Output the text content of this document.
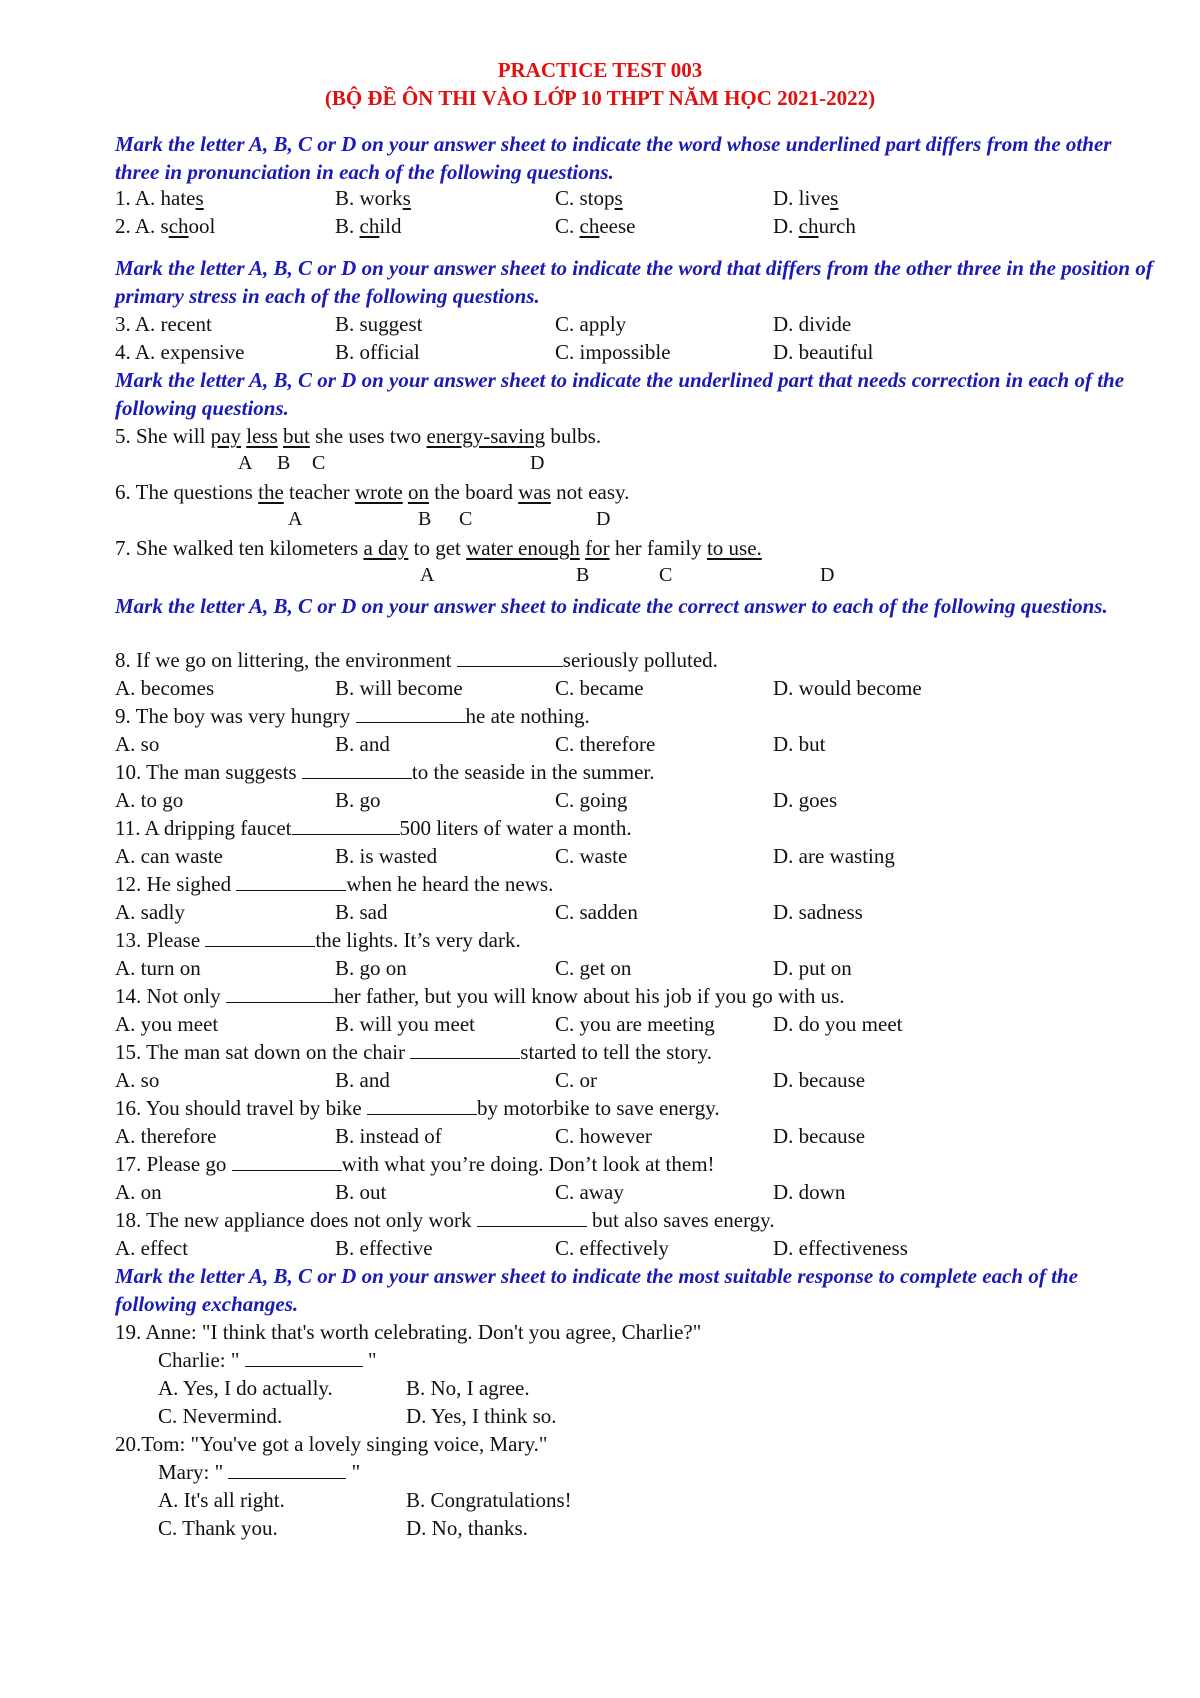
PRACTICE TEST 003
(BỘ ĐỀ ÔN THI VÀO LỚP 10 THPT NĂM HỌC 2021-2022)
Mark the letter A, B, C or D on your answer sheet to indicate the word whose underlined part differs from the other three in pronunciation in each of the following questions.
1. A. hates	B. works	C. stops	D. lives
2. A. school	B. child	C. cheese	D. church
Mark the letter A, B, C or D on your answer sheet to indicate the word that differs from the other three in the position of primary stress in each of the following questions.
3. A. recent	B. suggest	C. apply	D. divide
4. A. expensive	B. official	C. impossible	D. beautiful
Mark the letter A, B, C or D on your answer sheet to indicate the underlined part that needs correction in each of the following questions.
5. She will pay less but she uses two energy-saving bulbs.
A B C	D
6. The questions the teacher wrote on the board was not easy.
A	B C	D
7. She walked ten kilometers a day to get water enough for her family to use.
A	B	C	D
Mark the letter A, B, C or D on your answer sheet to indicate the correct answer to each of the following questions.
8. If we go on littering, the environment	seriously polluted.
A. becomes	B. will become	C. became	D. would become
9. The boy was very hungry	he ate nothing.
A. so	B. and	C. therefore	D. but
10. The man suggests	to the seaside in the summer.
A. to go	B. go	C. going	D. goes
11. A dripping faucet	500 liters of water a month.
A. can waste	B. is wasted	C. waste	D. are wasting
12. He sighed	when he heard the news.
A. sadly	B. sad	C. sadden	D. sadness
13. Please	the lights. It’s very dark.
A. turn on	B. go on	C. get on	D. put on
14. Not only	her father, but you will know about his job if you go with us.
A. you meet	B. will you meet	C. you are meeting	D. do you meet
15. The man sat down on the chair	started to tell the story.
A. so	B. and	C. or	D. because
16. You should travel by bike	by motorbike to save energy.
A. therefore	B. instead of	C. however	D. because
17. Please go	with what you’re doing. Don’t look at them!
A. on	B. out	C. away	D. down
18. The new appliance does not only work	but also saves energy.
A. effect	B. effective	C. effectively	D. effectiveness
Mark the letter A, B, C or D on your answer sheet to indicate the most suitable response to complete each of the following exchanges.
19. Anne: "I think that's worth celebrating. Don't you agree, Charlie?"
Charlie: "	"
A. Yes, I do actually.	B. No, I agree.
C. Nevermind.	D. Yes, I think so.
20.Tom: "You've got a lovely singing voice, Mary."
Mary: "	"
A. It's all right.	B. Congratulations!
C. Thank you.	D. No, thanks.
